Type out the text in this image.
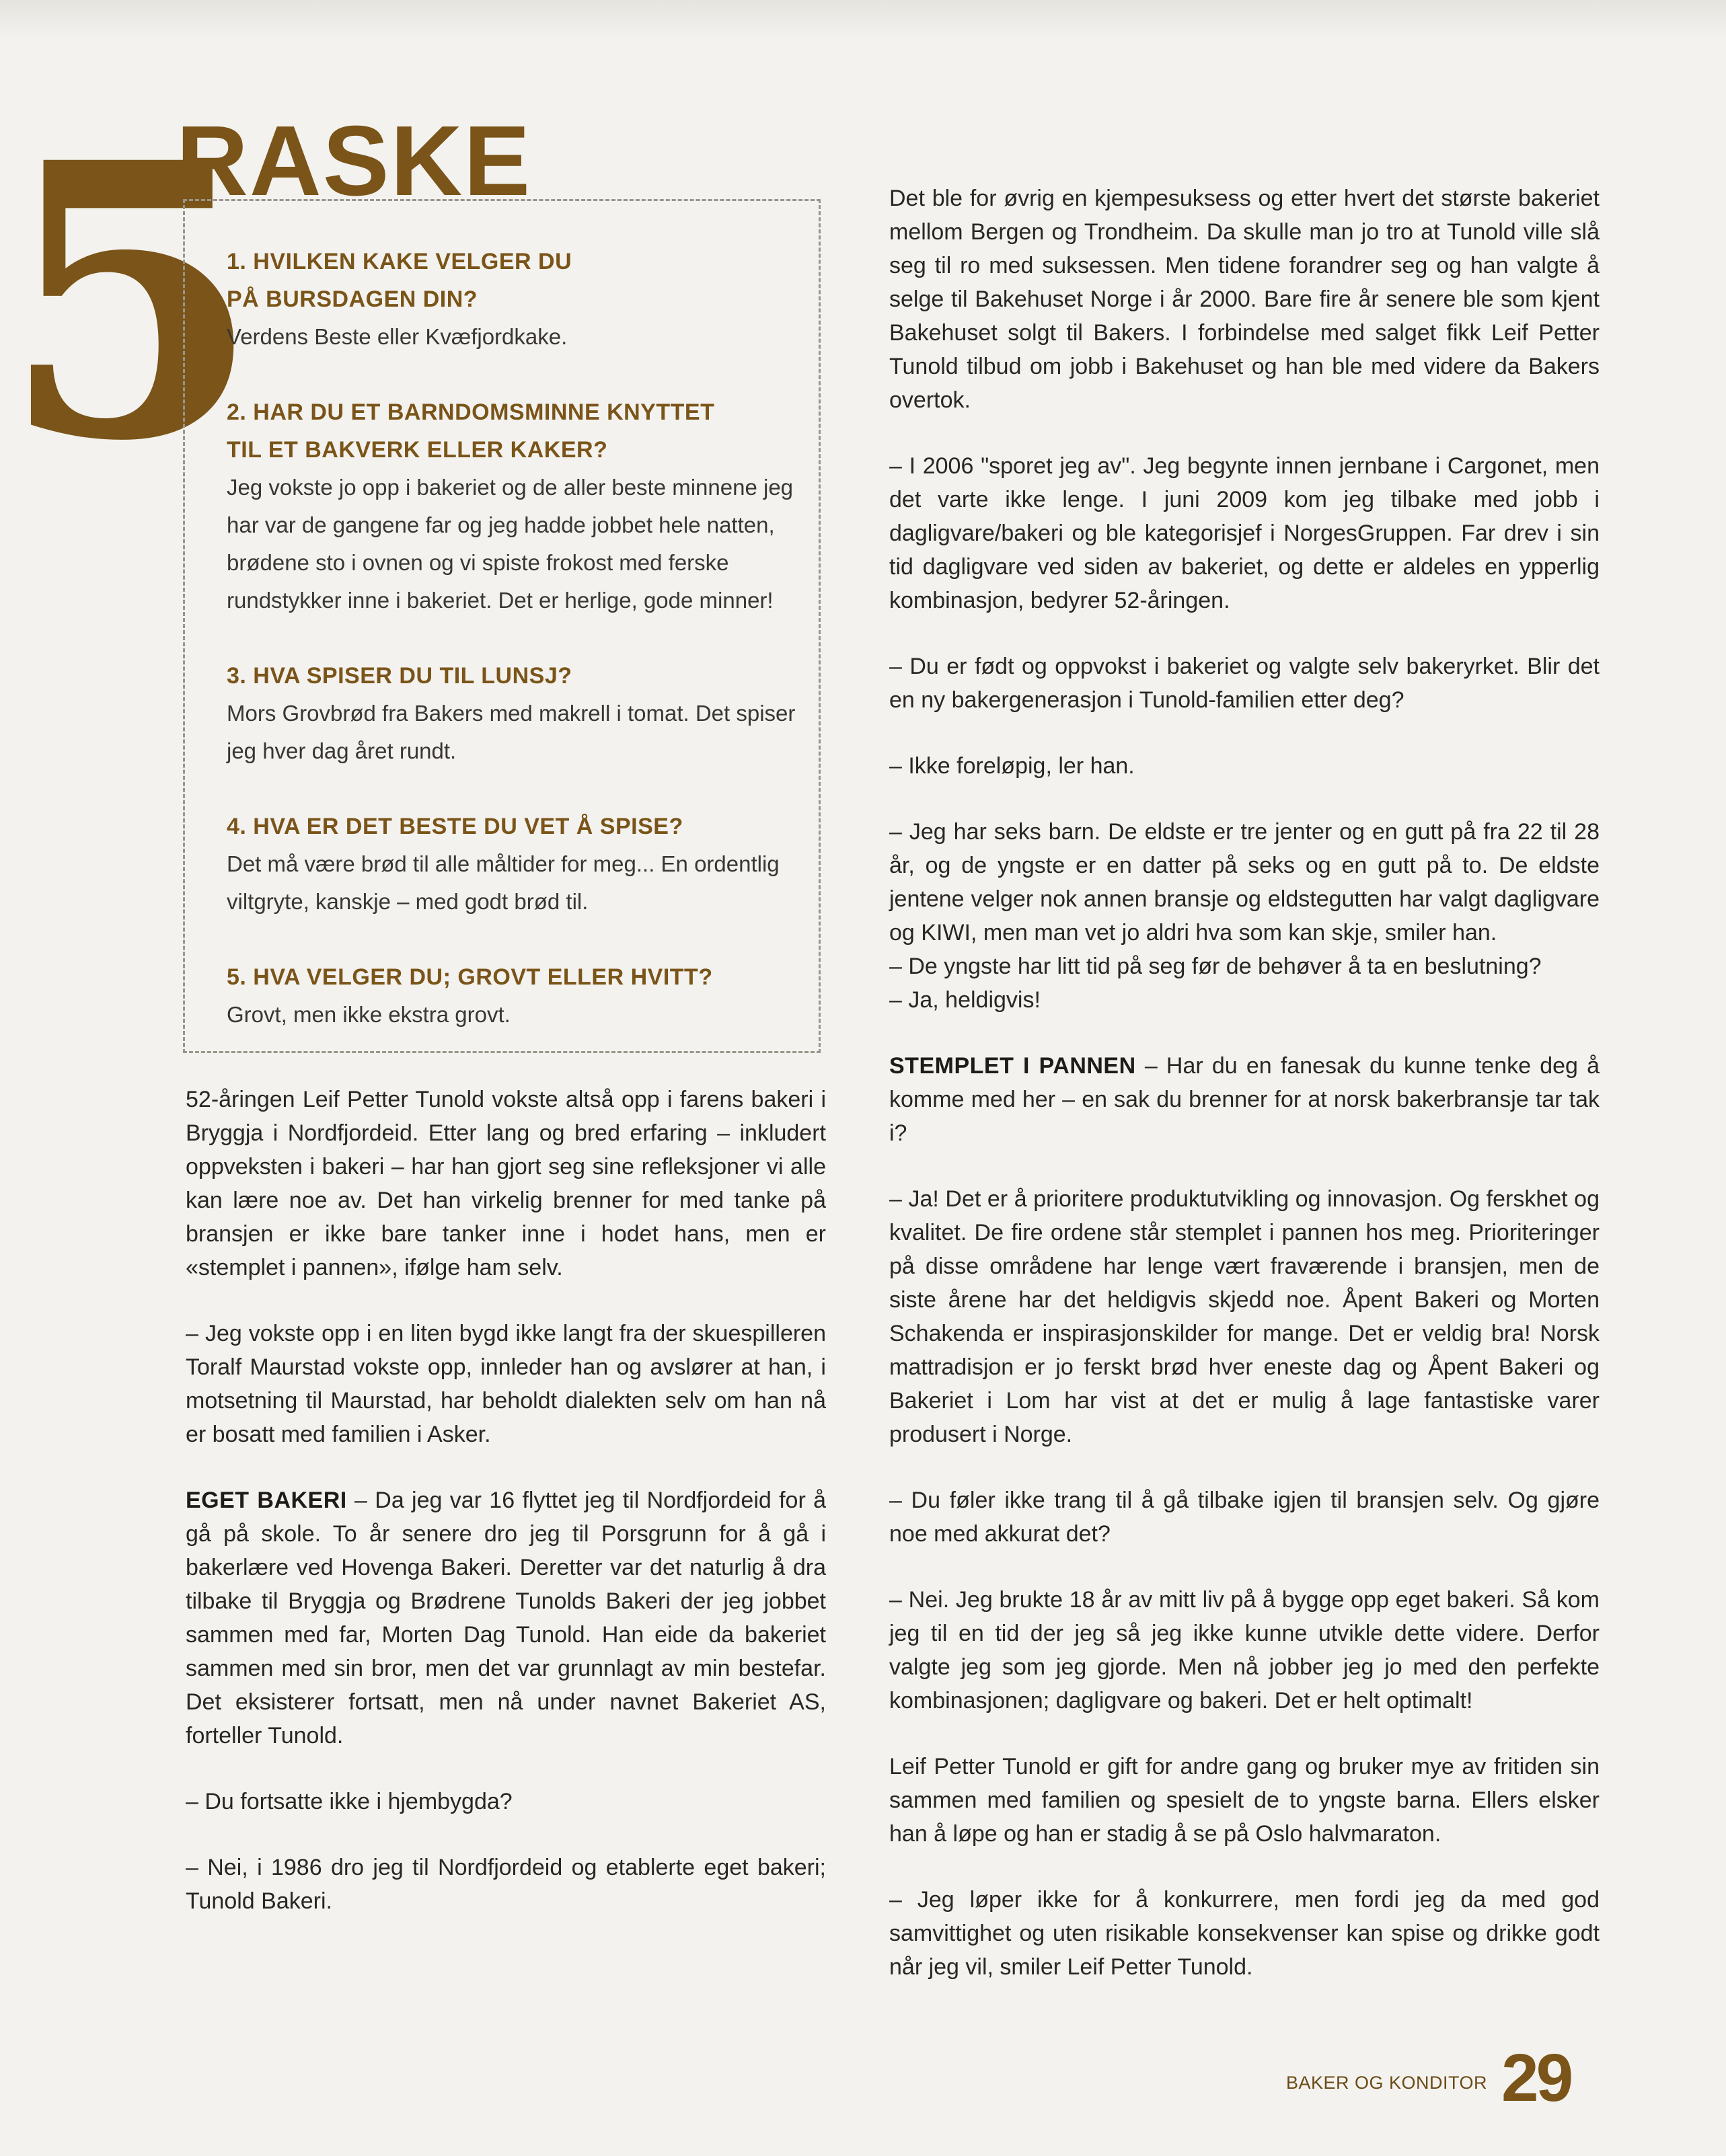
5
RASKE
1. HVILKEN KAKE VELGER DU
PÅ BURSDAGEN DIN?
Verdens Beste eller Kvæfjordkake.
2. HAR DU ET BARNDOMSMINNE KNYTTET
TIL ET BAKVERK ELLER KAKER?
Jeg vokste jo opp i bakeriet og de aller beste minnene jeg har var de gangene far og jeg hadde jobbet hele natten, brødene sto i ovnen og vi spiste frokost med ferske rundstykker inne i bakeriet. Det er herlige, gode minner!
3. HVA SPISER DU TIL LUNSJ?
Mors Grovbrød fra Bakers med makrell i tomat. Det spiser jeg hver dag året rundt.
4. HVA ER DET BESTE DU VET Å SPISE?
Det må være brød til alle måltider for meg... En ordentlig viltgryte, kanskje – med godt brød til.
5. HVA VELGER DU; GROVT ELLER HVITT?
Grovt, men ikke ekstra grovt.

52-åringen Leif Petter Tunold vokste altså opp i farens bakeri i Bryggja i Nordfjordeid. Etter lang og bred erfaring – inkludert oppveksten i bakeri – har han gjort seg sine refleksjoner vi alle kan lære noe av. Det han virkelig brenner for med tanke på bransjen er ikke bare tanker inne i hodet hans, men er «stemplet i pannen», ifølge ham selv.

– Jeg vokste opp i en liten bygd ikke langt fra der skuespilleren Toralf Maurstad vokste opp, innleder han og avslører at han, i motsetning til Maurstad, har beholdt dialekten selv om han nå er bosatt med familien i Asker.

EGET BAKERI – Da jeg var 16 flyttet jeg til Nordfjordeid for å gå på skole. To år senere dro jeg til Porsgrunn for å gå i bakerlære ved Hovenga Bakeri. Deretter var det naturlig å dra tilbake til Bryggja og Brødrene Tunolds Bakeri der jeg jobbet sammen med far, Morten Dag Tunold. Han eide da bakeriet sammen med sin bror, men det var grunnlagt av min bestefar. Det eksisterer fortsatt, men nå under navnet Bakeriet AS, forteller Tunold.

– Du fortsatte ikke i hjembygda?

– Nei, i 1986 dro jeg til Nordfjordeid og etablerte eget bakeri; Tunold Bakeri.

Det ble for øvrig en kjempesuksess og etter hvert det største bakeriet mellom Bergen og Trondheim. Da skulle man jo tro at Tunold ville slå seg til ro med suksessen. Men tidene forandrer seg og han valgte å selge til Bakehuset Norge i år 2000. Bare fire år senere ble som kjent Bakehuset solgt til Bakers. I forbindelse med salget fikk Leif Petter Tunold tilbud om jobb i Bakehuset og han ble med videre da Bakers overtok.

– I 2006 "sporet jeg av". Jeg begynte innen jernbane i Cargonet, men det varte ikke lenge. I juni 2009 kom jeg tilbake med jobb i dagligvare/bakeri og ble kategorisjef i NorgesGruppen. Far drev i sin tid dagligvare ved siden av bakeriet, og dette er aldeles en ypperlig kombinasjon, bedyrer 52-åringen.

– Du er født og oppvokst i bakeriet og valgte selv bakeryrket. Blir det en ny bakergenerasjon i Tunold-familien etter deg?

– Ikke foreløpig, ler han.

– Jeg har seks barn. De eldste er tre jenter og en gutt på fra 22 til 28 år, og de yngste er en datter på seks og en gutt på to. De eldste jentene velger nok annen bransje og eldstegutten har valgt dagligvare og KIWI, men man vet jo aldri hva som kan skje, smiler han.

– De yngste har litt tid på seg før de behøver å ta en beslutning?

– Ja, heldigvis!

STEMPLET I PANNEN – Har du en fanesak du kunne tenke deg å komme med her – en sak du brenner for at norsk bakerbransje tar tak i?

– Ja! Det er å prioritere produktutvikling og innovasjon. Og ferskhet og kvalitet. De fire ordene står stemplet i pannen hos meg. Prioriteringer på disse områdene har lenge vært fraværende i bransjen, men de siste årene har det heldigvis skjedd noe. Åpent Bakeri og Morten Schakenda er inspirasjonskilder for mange. Det er veldig bra! Norsk mattradisjon er jo ferskt brød hver eneste dag og Åpent Bakeri og Bakeriet i Lom har vist at det er mulig å lage fantastiske varer produsert i Norge.

– Du føler ikke trang til å gå tilbake igjen til bransjen selv. Og gjøre noe med akkurat det?

– Nei. Jeg brukte 18 år av mitt liv på å bygge opp eget bakeri. Så kom jeg til en tid der jeg så jeg ikke kunne utvikle dette videre. Derfor valgte jeg som jeg gjorde. Men nå jobber jeg jo med den perfekte kombinasjonen; dagligvare og bakeri. Det er helt optimalt!

Leif Petter Tunold er gift for andre gang og bruker mye av fritiden sin sammen med familien og spesielt de to yngste barna. Ellers elsker han å løpe og han er stadig å se på Oslo halvmaraton.

– Jeg løper ikke for å konkurrere, men fordi jeg da med god samvittighet og uten risikable konsekvenser kan spise og drikke godt når jeg vil, smiler Leif Petter Tunold.

BAKER OG KONDITOR 29
